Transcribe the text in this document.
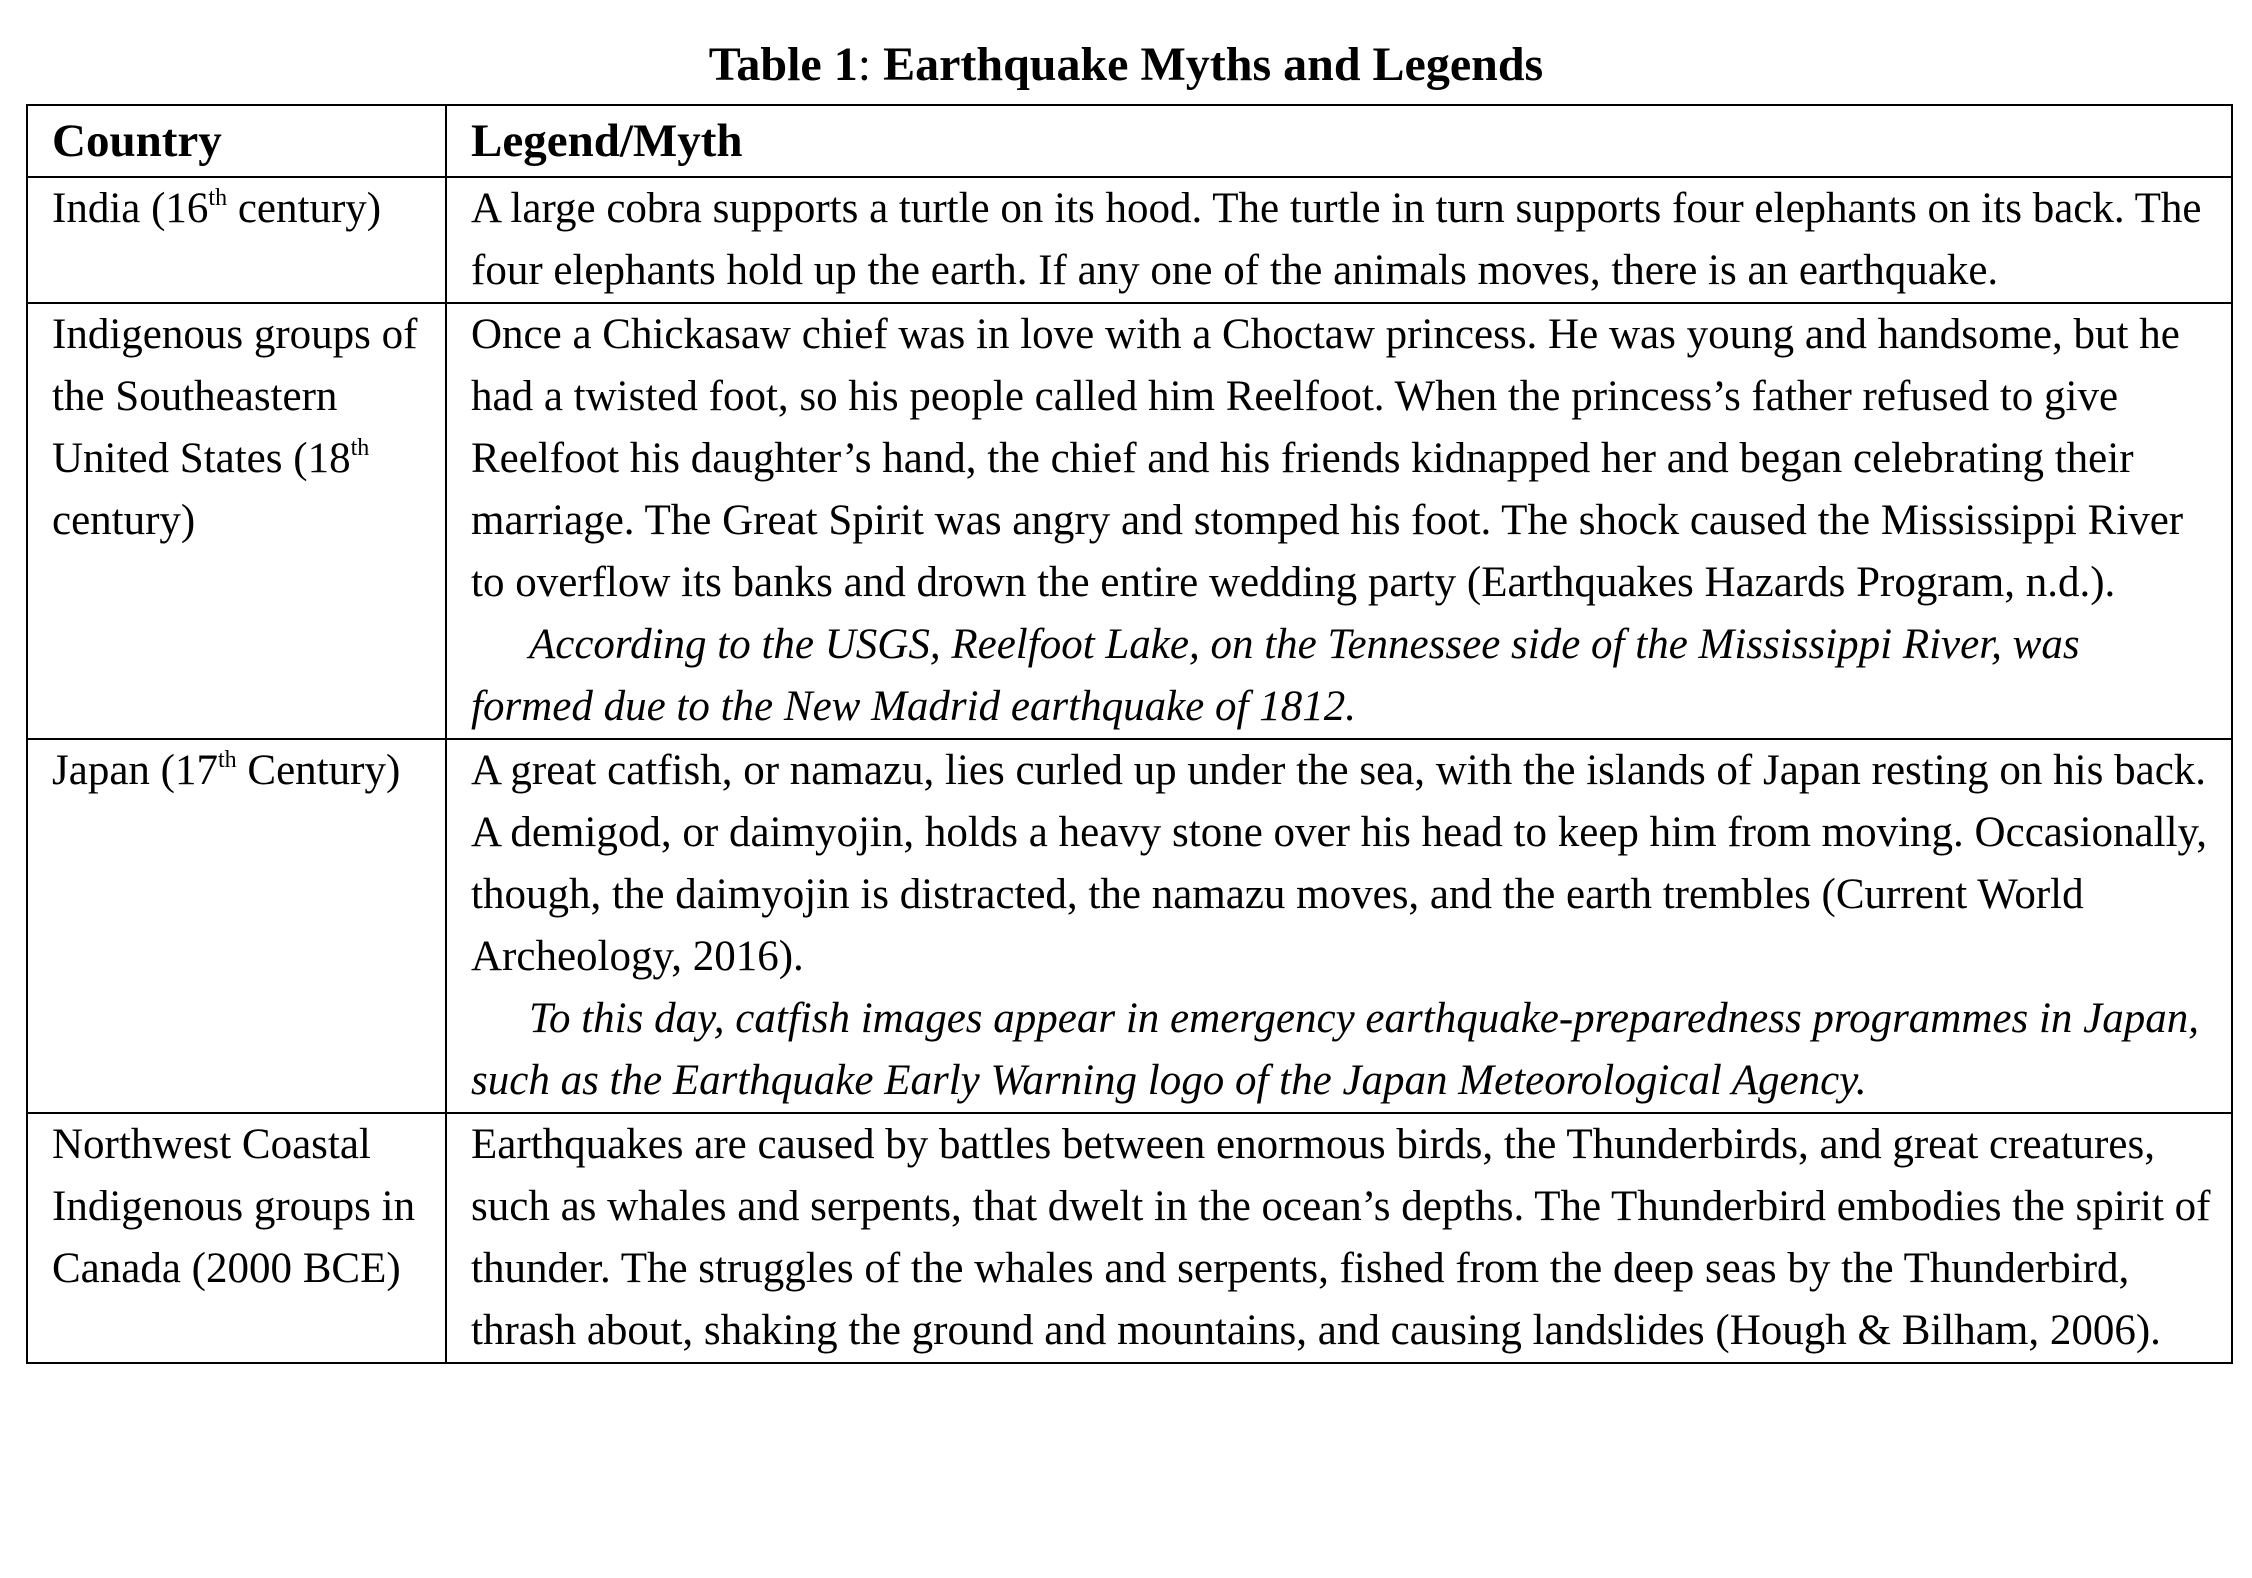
Table 1: Earthquake Myths and Legends
Country	Legend/Myth
India (16th century)	A large cobra supports a turtle on its hood. The turtle in turn supports four elephants on its back. The four elephants hold up the earth. If any one of the animals moves, there is an earthquake.
Indigenous groups of the Southeastern United States (18th century)	Once a Chickasaw chief was in love with a Choctaw princess. He was young and handsome, but he had a twisted foot, so his people called him Reelfoot. When the princess’s father refused to give Reelfoot his daughter’s hand, the chief and his friends kidnapped her and began celebrating their marriage. The Great Spirit was angry and stomped his foot. The shock caused the Mississippi River to overflow its banks and drown the entire wedding party (Earthquakes Hazards Program, n.d.).
According to the USGS, Reelfoot Lake, on the Tennessee side of the Mississippi River, was formed due to the New Madrid earthquake of 1812.

Japan (17th Century)	A great catfish, or namazu, lies curled up under the sea, with the islands of Japan resting on his back. A demigod, or daimyojin, holds a heavy stone over his head to keep him from moving. Occasionally, though, the daimyojin is distracted, the namazu moves, and the earth trembles (Current World Archeology, 2016).
To this day, catfish images appear in emergency earthquake-preparedness programmes in Japan, such as the Earthquake Early Warning logo of the Japan Meteorological Agency.

Northwest Coastal Indigenous groups in Canada (2000 BCE)	Earthquakes are caused by battles between enormous birds, the Thunderbirds, and great creatures, such as whales and serpents, that dwelt in the ocean’s depths. The Thunderbird embodies the spirit of thunder. The struggles of the whales and serpents, fished from the deep seas by the Thunderbird, thrash about, shaking the ground and mountains, and causing landslides (Hough & Bilham, 2006).
